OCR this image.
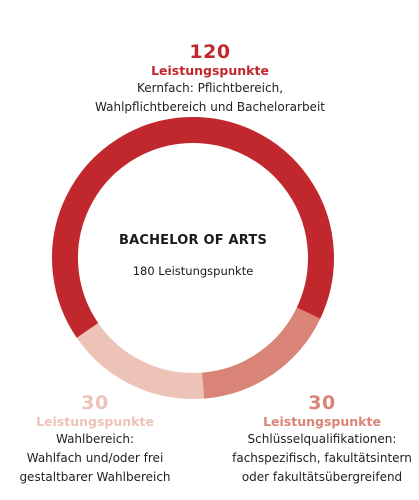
BACHELOR OF ARTS
180 Leistungspunkte
120
Leistungspunkte
Kernfach: Pflichtbereich,
Wahlpflichtbereich und Bachelorarbeit
30
Leistungspunkte
Wahlbereich:
Wahlfach und/oder frei
gestaltbarer Wahlbereich
30
Leistungspunkte
Schlüsselqualifikationen:
fachspezifisch, fakultätsintern
oder fakultätsübergreifend
